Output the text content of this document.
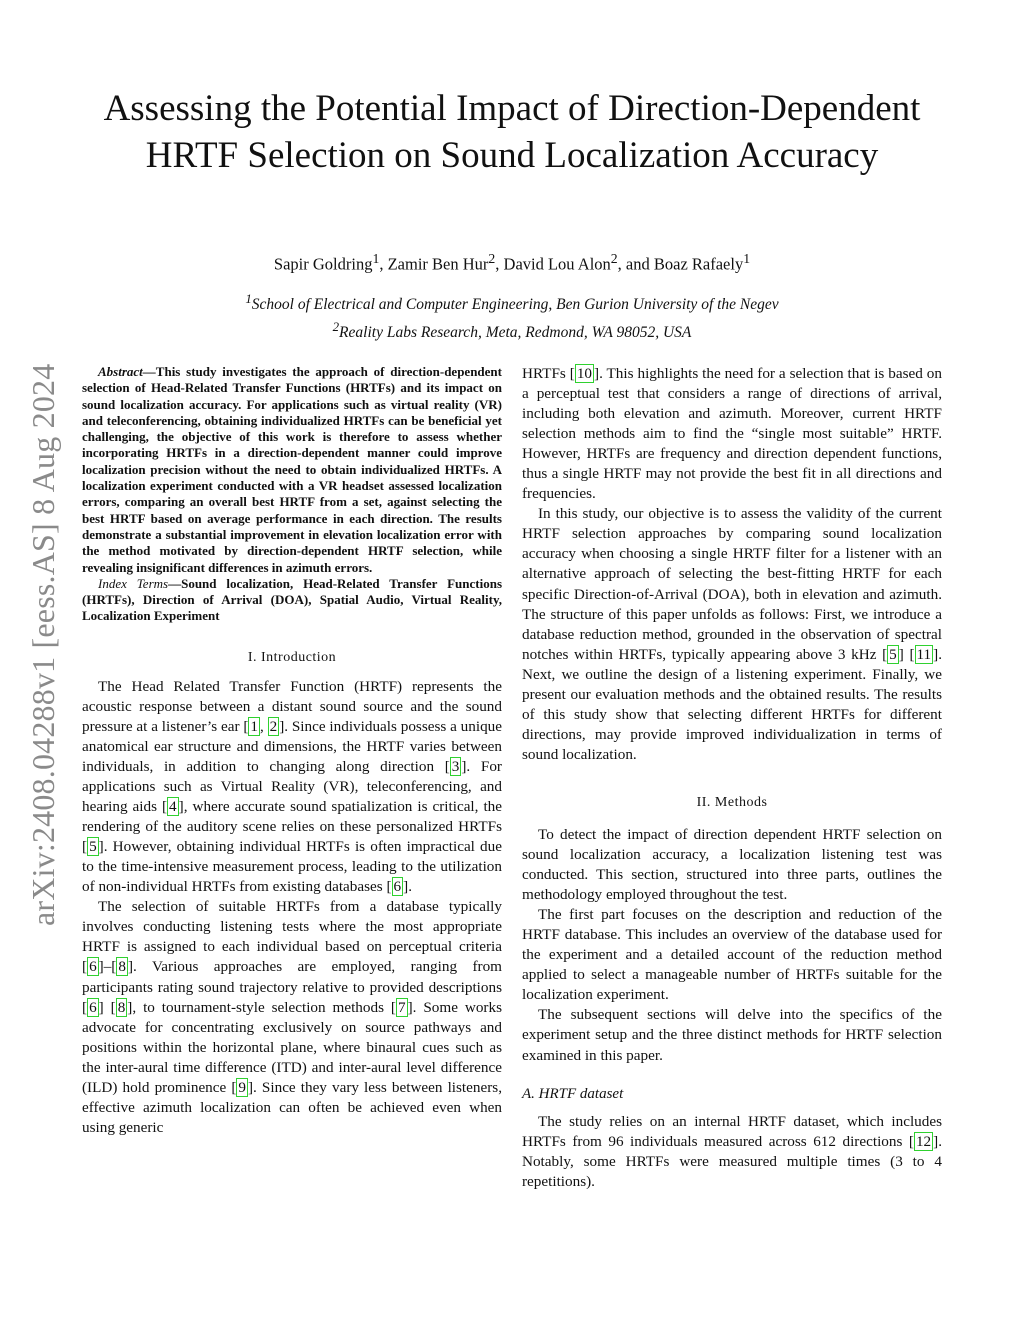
arXiv:2408.04288v1 [eess.AS] 8 Aug 2024
Assessing the Potential Impact of Direction-Dependent HRTF Selection on Sound Localization Accuracy
Sapir Goldring$^1$, Zamir Ben Hur$^2$, David Lou Alon$^2$, and Boaz Rafaely$^1$
$^1$School of Electrical and Computer Engineering, Ben Gurion University of the Negev
$^2$Reality Labs Research, Meta, Redmond, WA 98052, USA

Abstract—This study investigates the approach of direction-dependent selection of Head-Related Transfer Functions (HRTFs) and its impact on sound localization accuracy. For applications such as virtual reality (VR) and teleconferencing, obtaining individualized HRTFs can be beneficial yet challenging, the objective of this work is therefore to assess whether incorporating HRTFs in a direction-dependent manner could improve localization precision without the need to obtain individualized HRTFs. A localization experiment conducted with a VR headset assessed localization errors, comparing an overall best HRTF from a set, against selecting the best HRTF based on average performance in each direction. The results demonstrate a substantial improvement in elevation localization error with the method motivated by direction-dependent HRTF selection, while revealing insignificant differences in azimuth errors.

Index Terms—Sound localization, Head-Related Transfer Functions (HRTFs), Direction of Arrival (DOA), Spatial Audio, Virtual Reality, Localization Experiment

I. Introduction

The Head Related Transfer Function (HRTF) represents the acoustic response between a distant sound source and the sound pressure at a listener’s ear [ 1 , 2 ]. Since individuals possess a unique anatomical ear structure and dimensions, the HRTF varies between individuals, in addition to changing along direction [ 3 ]. For applications such as Virtual Reality (VR), teleconferencing, and hearing aids [ 4 ], where accurate sound spatialization is critical, the rendering of the auditory scene relies on these personalized HRTFs [ 5 ]. However, obtaining individual HRTFs is often impractical due to the time-intensive measurement process, leading to the utilization of non-individual HRTFs from existing databases [ 6 ].

The selection of suitable HRTFs from a database typically involves conducting listening tests where the most appropriate HRTF is assigned to each individual based on perceptual criteria [ 6 ]–[ 8 ]. Various approaches are employed, ranging from participants rating sound trajectory relative to provided descriptions [ 6 ] [ 8 ], to tournament-style selection methods [ 7 ]. Some works advocate for concentrating exclusively on source pathways and positions within the horizontal plane, where binaural cues such as the inter-aural time difference (ITD) and inter-aural level difference (ILD) hold prominence [ 9 ]. Since they vary less between listeners, effective azimuth localization can often be achieved even when using generic

HRTFs [ 10 ]. This highlights the need for a selection that is based on a perceptual test that considers a range of directions of arrival, including both elevation and azimuth. Moreover, current HRTF selection methods aim to find the “single most suitable” HRTF. However, HRTFs are frequency and direction dependent functions, thus a single HRTF may not provide the best fit in all directions and frequencies.

In this study, our objective is to assess the validity of the current HRTF selection approaches by comparing sound localization accuracy when choosing a single HRTF filter for a listener with an alternative approach of selecting the best-fitting HRTF for each specific Direction-of-Arrival (DOA), both in elevation and azimuth. The structure of this paper unfolds as follows: First, we introduce a database reduction method, grounded in the observation of spectral notches within HRTFs, typically appearing above 3 kHz [ 5 ] [ 11 ]. Next, we outline the design of a listening experiment. Finally, we present our evaluation methods and the obtained results. The results of this study show that selecting different HRTFs for different directions, may provide improved individualization in terms of sound localization.

II. Methods

To detect the impact of direction dependent HRTF selection on sound localization accuracy, a localization listening test was conducted. This section, structured into three parts, outlines the methodology employed throughout the test.

The first part focuses on the description and reduction of the HRTF database. This includes an overview of the database used for the experiment and a detailed account of the reduction method applied to select a manageable number of HRTFs suitable for the localization experiment.

The subsequent sections will delve into the specifics of the experiment setup and the three distinct methods for HRTF selection examined in this paper.

A. HRTF dataset

The study relies on an internal HRTF dataset, which includes HRTFs from 96 individuals measured across 612 directions [ 12 ]. Notably, some HRTFs were measured multiple times (3 to 4 repetitions).
